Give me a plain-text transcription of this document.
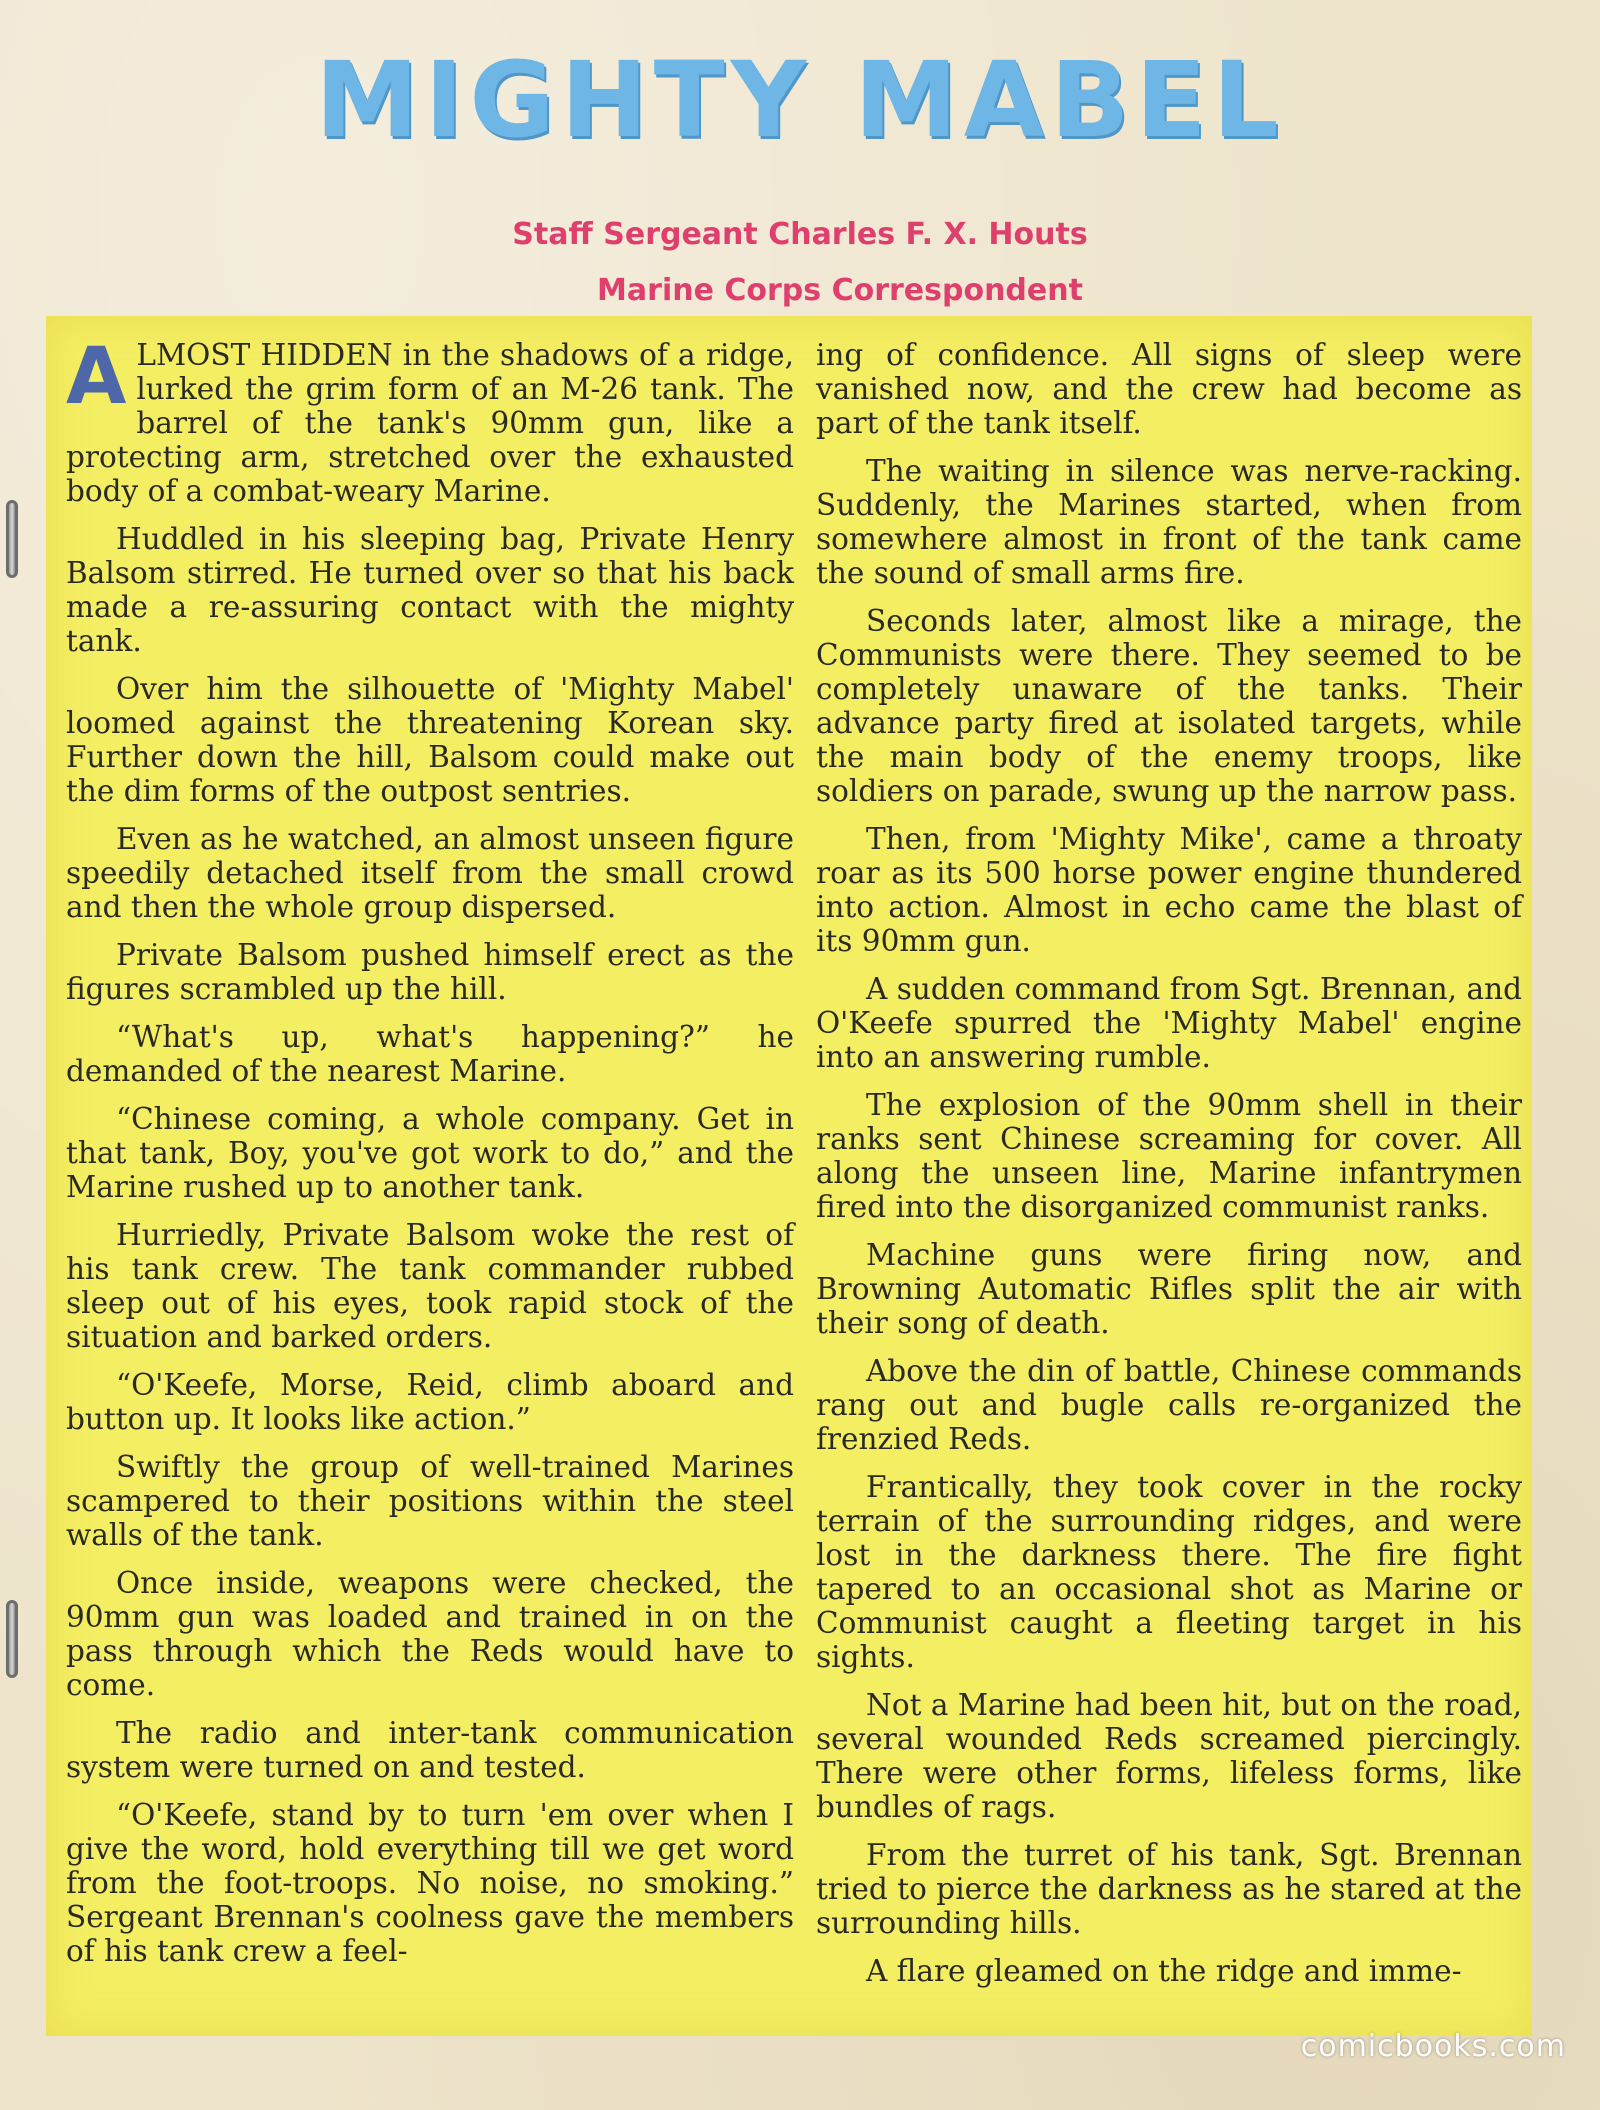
MIGHTY MABEL

Staff Sergeant Charles F. X. Houts

Marine Corps Correspondent

ALMOST HIDDEN in the shadows of a ridge, lurked the grim form of an M-26 tank. The barrel of the tank's 90mm gun, like a protecting arm, stretched over the exhausted body of a combat-weary Marine.

Huddled in his sleeping bag, Private Henry Balsom stirred. He turned over so that his back made a re-assuring contact with the mighty tank.

Over him the silhouette of 'Mighty Mabel' loomed against the threatening Korean sky. Further down the hill, Balsom could make out the dim forms of the outpost sentries.

Even as he watched, an almost unseen figure speedily detached itself from the small crowd and then the whole group dispersed.

Private Balsom pushed himself erect as the figures scrambled up the hill.

“What's up, what's happening?” he demanded of the nearest Marine.

“Chinese coming, a whole company. Get in that tank, Boy, you've got work to do,” and the Marine rushed up to another tank.

Hurriedly, Private Balsom woke the rest of his tank crew. The tank commander rubbed sleep out of his eyes, took rapid stock of the situation and barked orders.

“O'Keefe, Morse, Reid, climb aboard and button up. It looks like action.”

Swiftly the group of well-trained Marines scampered to their positions within the steel walls of the tank.

Once inside, weapons were checked, the 90mm gun was loaded and trained in on the pass through which the Reds would have to come.

The radio and inter-tank communication system were turned on and tested.

“O'Keefe, stand by to turn 'em over when I give the word, hold everything till we get word from the foot-troops. No noise, no smoking.” Sergeant Brennan's coolness gave the members of his tank crew a feel-

ing of confidence. All signs of sleep were vanished now, and the crew had become as part of the tank itself.

The waiting in silence was nerve-racking. Suddenly, the Marines started, when from somewhere almost in front of the tank came the sound of small arms fire.

Seconds later, almost like a mirage, the Communists were there. They seemed to be completely unaware of the tanks. Their advance party fired at isolated targets, while the main body of the enemy troops, like soldiers on parade, swung up the narrow pass.

Then, from 'Mighty Mike', came a throaty roar as its 500 horse power engine thundered into action. Almost in echo came the blast of its 90mm gun.

A sudden command from Sgt. Brennan, and O'Keefe spurred the 'Mighty Mabel' engine into an answering rumble.

The explosion of the 90mm shell in their ranks sent Chinese screaming for cover. All along the unseen line, Marine infantrymen fired into the disorganized communist ranks.

Machine guns were firing now, and Browning Automatic Rifles split the air with their song of death.

Above the din of battle, Chinese commands rang out and bugle calls re-organized the frenzied Reds.

Frantically, they took cover in the rocky terrain of the surrounding ridges, and were lost in the darkness there. The fire fight tapered to an occasional shot as Marine or Communist caught a fleeting target in his sights.

Not a Marine had been hit, but on the road, several wounded Reds screamed piercingly. There were other forms, lifeless forms, like bundles of rags.

From the turret of his tank, Sgt. Brennan tried to pierce the darkness as he stared at the surrounding hills.

A flare gleamed on the ridge and imme-

comicbooks.com
